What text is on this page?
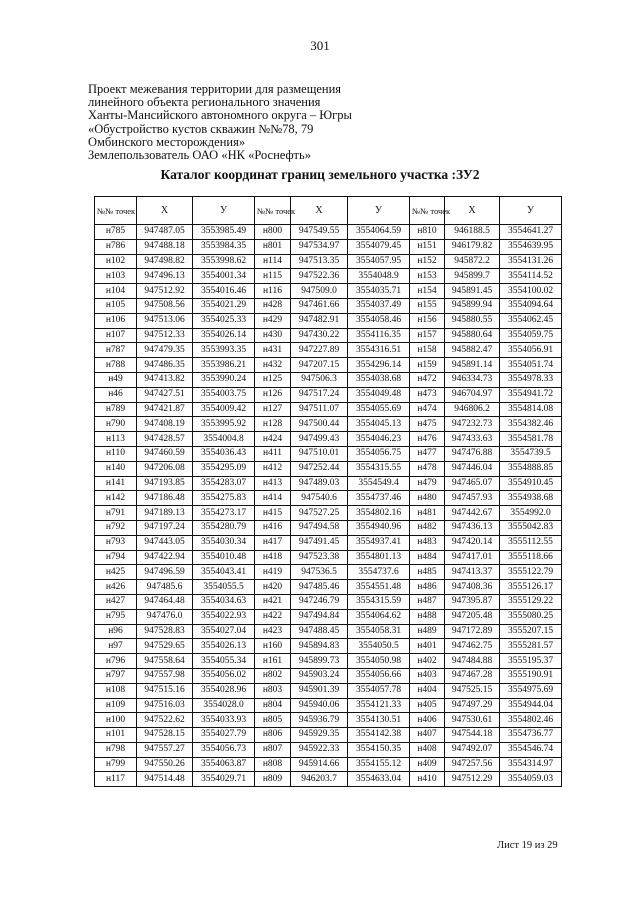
301
Проект межевания территории для размещения
линейного объекта регионального значения
Ханты-Мансийского автономного округа – Югры
«Обустройство кустов скважин №№78, 79
Омбинского месторождения»
Землепользователь ОАО «НК «Роснефть»
Каталог координат границ земельного участка :ЗУ2
№№ точек	X	У	№№ точек	X	У	№№ точек	X	У
н785	947487.05	3553985.49	н800	947549.55	3554064.59	н810	946188.5	3554641.27
н786	947488.18	3553984.35	н801	947534.97	3554079.45	н151	946179.82	3554639.95
н102	947498.82	3553998.62	н114	947513.35	3554057.95	н152	945872.2	3554131.26
н103	947496.13	3554001.34	н115	947522.36	3554048.9	н153	945899.7	3554114.52
н104	947512.92	3554016.46	н116	947509.0	3554035.71	н154	945891.45	3554100.02
н105	947508.56	3554021.29	н428	947461.66	3554037.49	н155	945899.94	3554094.64
н106	947513.06	3554025.33	н429	947482.91	3554058.46	н156	945880.55	3554062.45
н107	947512.33	3554026.14	н430	947430.22	3554116.35	н157	945880.64	3554059.75
н787	947479.35	3553993.35	н431	947227.89	3554316.51	н158	945882.47	3554056.91
н788	947486.35	3553986.21	н432	947207.15	3554296.14	н159	945891.14	3554051.74
н49	947413.82	3553990.24	н125	947506.3	3554038.68	н472	946334.73	3554978.33
н46	947427.51	3554003.75	н126	947517.24	3554049.48	н473	946704.97	3554941.72
н789	947421.87	3554009.42	н127	947511.07	3554055.69	н474	946806.2	3554814.08
н790	947408.19	3553995.92	н128	947500.44	3554045.13	н475	947232.73	3554382.46
н113	947428.57	3554004.8	н424	947499.43	3554046.23	н476	947433.63	3554581.78
н110	947460.59	3554036.43	н411	947510.01	3554056.75	н477	947476.88	3554739.5
н140	947206.08	3554295.09	н412	947252.44	3554315.55	н478	947446.04	3554888.85
н141	947193.85	3554283.07	н413	947489.03	3554549.4	н479	947465.07	3554910.45
н142	947186.48	3554275.83	н414	947540.6	3554737.46	н480	947457.93	3554938.68
н791	947189.13	3554273.17	н415	947527.25	3554802.16	н481	947442.67	3554992.0
н792	947197.24	3554280.79	н416	947494.58	3554940.96	н482	947436.13	3555042.83
н793	947443.05	3554030.34	н417	947491.45	3554937.41	н483	947420.14	3555112.55
н794	947422.94	3554010.48	н418	947523.38	3554801.13	н484	947417.01	3555118.66
н425	947496.59	3554043.41	н419	947536.5	3554737.6	н485	947413.37	3555122.79
н426	947485.6	3554055.5	н420	947485.46	3554551.48	н486	947408.36	3555126.17
н427	947464.48	3554034.63	н421	947246.79	3554315.59	н487	947395.87	3555129.22
н795	947476.0	3554022.93	н422	947494.84	3554064.62	н488	947205.48	3555080.25
н96	947528.83	3554027.04	н423	947488.45	3554058.31	н489	947172.89	3555207.15
н97	947529.65	3554026.13	н160	945894.83	3554050.5	н401	947462.75	3555281.57
н796	947558.64	3554055.34	н161	945899.73	3554050.98	н402	947484.88	3555195.37
н797	947557.98	3554056.02	н802	945903.24	3554056.66	н403	947467.28	3555190.91
н108	947515.16	3554028.96	н803	945901.39	3554057.78	н404	947525.15	3554975.69
н109	947516.03	3554028.0	н804	945940.06	3554121.33	н405	947497.29	3554944.04
н100	947522.62	3554033.93	н805	945936.79	3554130.51	н406	947530.61	3554802.46
н101	947528.15	3554027.79	н806	945929.35	3554142.38	н407	947544.18	3554736.77
н798	947557.27	3554056.73	н807	945922.33	3554150.35	н408	947492.07	3554546.74
н799	947550.26	3554063.87	н808	945914.66	3554155.12	н409	947257.56	3554314.97
н117	947514.48	3554029.71	н809	946203.7	3554633.04	н410	947512.29	3554059.03
Лист 19 из 29
